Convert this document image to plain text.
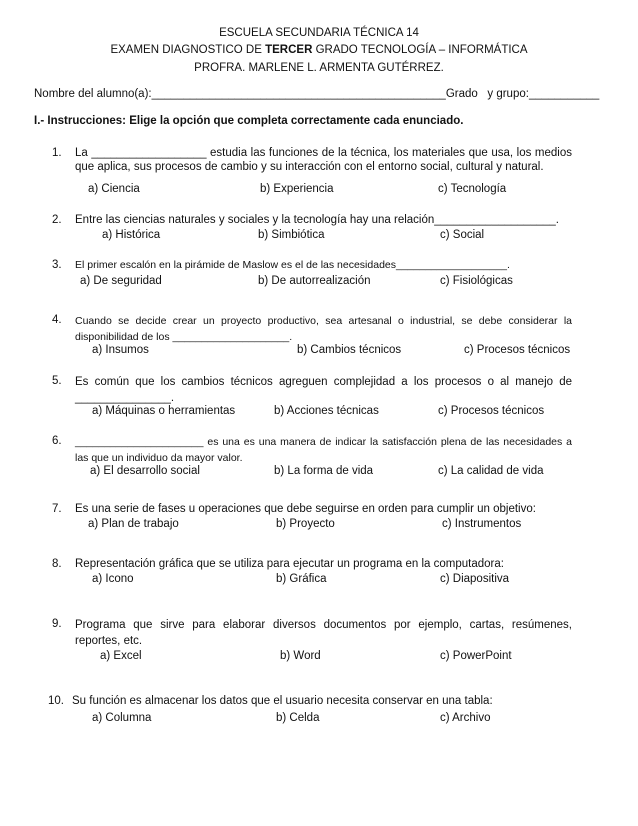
ESCUELA SECUNDARIA TÉCNICA 14
EXAMEN DIAGNOSTICO DE TERCER GRADO TECNOLOGÍA – INFORMÁTICA
PROFRA. MARLENE L. ARMENTA GUTÉRREZ.
Nombre del alumno(a):______________________________________________Grado   y grupo:___________
I.- Instrucciones: Elige la opción que completa correctamente cada enunciado.
1. La __________________ estudia las funciones de la técnica, los materiales que usa, los medios que aplica, sus procesos de cambio y su interacción con el entorno social, cultural y natural.
a) Ciencia	b) Experiencia	c) Tecnología
2. Entre las ciencias naturales y sociales y la tecnología hay una relación___________________.
a) Histórica	b) Simbiótica	c) Social
3. El primer escalón en la pirámide de Maslow es el de las necesidades___________________.
a) De seguridad	b) De autorrealización	c) Fisiológicas
4. Cuando se decide crear un proyecto productivo, sea artesanal o industrial, se debe considerar la disponibilidad de los ____________________.
a) Insumos	b) Cambios técnicos	c) Procesos técnicos
5. Es común que los cambios técnicos agreguen complejidad a los procesos o al manejo de _______________.
a) Máquinas o herramientas	b) Acciones técnicas	c) Procesos técnicos
6. ______________________ es una es una manera de indicar la satisfacción plena de las necesidades a las que un individuo da mayor valor.
a) El desarrollo social	b) La forma de vida	c) La calidad de vida
7. Es una serie de fases u operaciones que debe seguirse en orden para cumplir un objetivo:
a) Plan de trabajo	b) Proyecto	c) Instrumentos
8. Representación gráfica que se utiliza para ejecutar un programa en la computadora:
a) Icono	b) Gráfica	c) Diapositiva
9. Programa que sirve para elaborar diversos documentos por ejemplo, cartas, resúmenes, reportes, etc.
a) Excel	b) Word	c) PowerPoint
10. Su función es almacenar los datos que el usuario necesita conservar en una tabla:
a) Columna	b) Celda	c) Archivo
